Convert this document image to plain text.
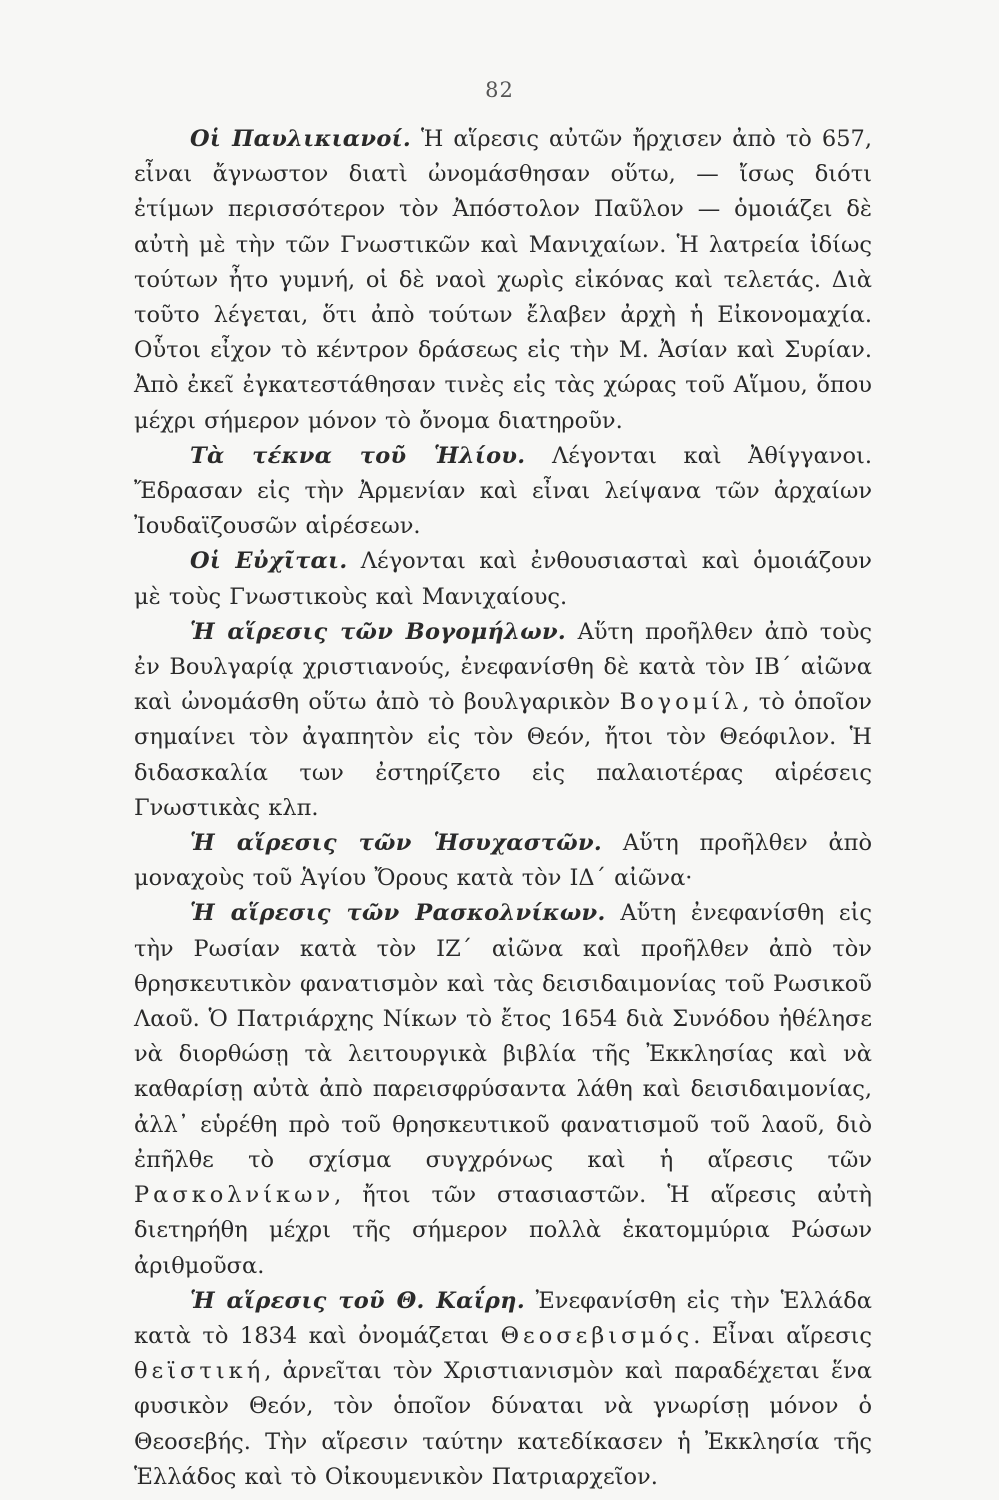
82

Οἱ Παυλικιανοί. Ἡ αἵρεσις αὐτῶν ἤρχισεν ἀπὸ τὸ 657, εἶναι ἄγνωστον διατὶ ὠνομάσθησαν οὕτω, — ἴσως διότι ἐτίμων περισσότερον τὸν Ἀπόστολον Παῦλον — ὁμοιάζει δὲ αὐτὴ μὲ τὴν τῶν Γνωστικῶν καὶ Μανιχαίων. Ἡ λατρεία ἰδίως τούτων ἦτο γυμνή, οἱ δὲ ναοὶ χωρὶς εἰκόνας καὶ τελετάς. Διὰ τοῦτο λέγεται, ὅτι ἀπὸ τούτων ἔλαβεν ἀρχὴ ἡ Εἰκονομαχία. Οὗτοι εἶχον τὸ κέντρον δράσεως εἰς τὴν Μ. Ἀσίαν καὶ Συρίαν. Ἀπὸ ἐκεῖ ἐγκατεστάθησαν τινὲς εἰς τὰς χώρας τοῦ Αἵμου, ὅπου μέχρι σήμερον μόνον τὸ ὄνομα διατηροῦν.

Τὰ τέκνα τοῦ Ἡλίου. Λέγονται καὶ Ἀθίγγανοι. Ἔδρασαν εἰς τὴν Ἀρμενίαν καὶ εἶναι λείψανα τῶν ἀρχαίων Ἰουδαϊζουσῶν αἱρέσεων.

Οἱ Εὐχῖται. Λέγονται καὶ ἐνθουσιασταὶ καὶ ὁμοιάζουν μὲ τοὺς Γνωστικοὺς καὶ Μανιχαίους.

Ἡ αἵρεσις τῶν Βογομήλων. Αὕτη προῆλθεν ἀπὸ τοὺς ἐν Βουλγαρίᾳ χριστιανούς, ἐνεφανίσθη δὲ κατὰ τὸν ΙΒ΄ αἰῶνα καὶ ὠνομάσθη οὕτω ἀπὸ τὸ βουλγαρικὸν Βογομίλ, τὸ ὁποῖον σημαίνει τὸν ἀγαπητὸν εἰς τὸν Θεόν, ἤτοι τὸν Θεόφιλον. Ἡ διδασκαλία των ἐστηρίζετο εἰς παλαιοτέρας αἱρέσεις Γνωστικὰς κλπ.

Ἡ αἵρεσις τῶν Ἡσυχαστῶν. Αὕτη προῆλθεν ἀπὸ μοναχοὺς τοῦ Ἁγίου Ὄρους κατὰ τὸν ΙΔ΄ αἰῶνα·

Ἡ αἵρεσις τῶν Ρασκολνίκων. Αὕτη ἐνεφανίσθη εἰς τὴν Ρωσίαν κατὰ τὸν ΙΖ΄ αἰῶνα καὶ προῆλθεν ἀπὸ τὸν θρησκευτικὸν φανατισμὸν καὶ τὰς δεισιδαιμονίας τοῦ Ρωσικοῦ Λαοῦ. Ὁ Πατριάρχης Νίκων τὸ ἔτος 1654 διὰ Συνόδου ἠθέλησε νὰ διορθώσῃ τὰ λειτουργικὰ βιβλία τῆς Ἐκκλησίας καὶ νὰ καθαρίσῃ αὐτὰ ἀπὸ παρεισφρύσαντα λάθη καὶ δεισιδαιμονίας, ἀλλ᾽ εὑρέθη πρὸ τοῦ θρησκευτικοῦ φανατισμοῦ τοῦ λαοῦ, διὸ ἐπῆλθε τὸ σχίσμα συγχρόνως καὶ ἡ αἵρεσις τῶν Ρασκολνίκων, ἤτοι τῶν στασιαστῶν. Ἡ αἵρεσις αὐτὴ διετηρήθη μέχρι τῆς σήμερον πολλὰ ἑκατομμύρια Ρώσων ἀριθμοῦσα.

Ἡ αἵρεσις τοῦ Θ. Καΐρη. Ἐνεφανίσθη εἰς τὴν Ἑλλάδα κατὰ τὸ 1834 καὶ ὀνομάζεται Θεοσεβισμός. Εἶναι αἵρεσις θεϊστική, ἀρνεῖται τὸν Χριστιανισμὸν καὶ παραδέχεται ἕνα φυσικὸν Θεόν, τὸν ὁποῖον δύναται νὰ γνωρίσῃ μόνον ὁ Θεοσεβής. Τὴν αἵρεσιν ταύτην κατεδίκασεν ἡ Ἐκκλησία τῆς Ἑλλάδος καὶ τὸ Οἰκουμενικὸν Πατριαρχεῖον.
